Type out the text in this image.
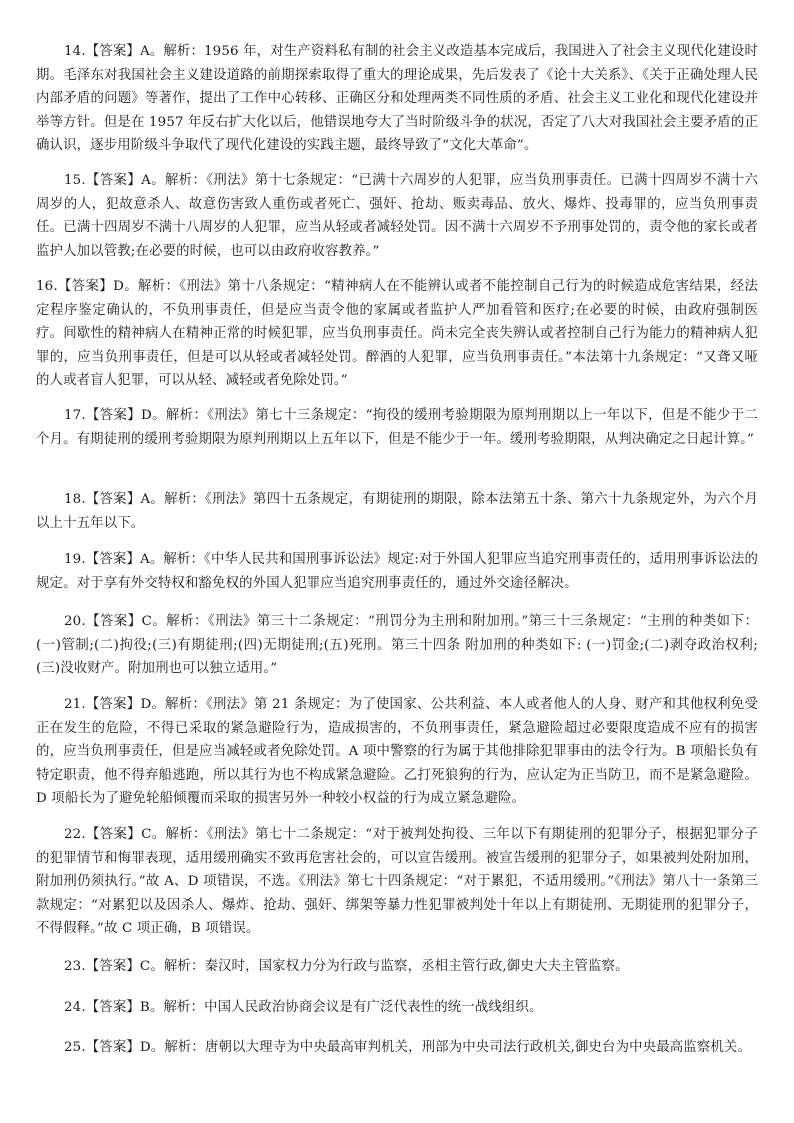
14.【答案】A。解析：1956 年，对生产资料私有制的社会主义改造基本完成后，我国进入了社会主义现代化建设时期。毛泽东对我国社会主义建设道路的前期探索取得了重大的理论成果，先后发表了《论十大关系》、《关于正确处理人民内部矛盾的问题》等著作，提出了工作中心转移、正确区分和处理两类不同性质的矛盾、社会主义工业化和现代化建设并举等方针。但是在 1957 年反右扩大化以后，他错误地夸大了当时阶级斗争的状况，否定了八大对我国社会主要矛盾的正确认识，逐步用阶级斗争取代了现代化建设的实践主题，最终导致了“文化大革命”。

15.【答案】A。解析：《刑法》第十七条规定：“已满十六周岁的人犯罪，应当负刑事责任。已满十四周岁不满十六周岁的人，犯故意杀人、故意伤害致人重伤或者死亡、强奸、抢劫、贩卖毒品、放火、爆炸、投毒罪的，应当负刑事责任。已满十四周岁不满十八周岁的人犯罪，应当从轻或者减轻处罚。因不满十六周岁不予刑事处罚的，责令他的家长或者监护人加以管教;在必要的时候，也可以由政府收容教养。”

16.【答案】D。解析：《刑法》第十八条规定：“精神病人在不能辨认或者不能控制自己行为的时候造成危害结果，经法定程序鉴定确认的，不负刑事责任，但是应当责令他的家属或者监护人严加看管和医疗;在必要的时候，由政府强制医疗。间歇性的精神病人在精神正常的时候犯罪，应当负刑事责任。尚未完全丧失辨认或者控制自己行为能力的精神病人犯罪的，应当负刑事责任，但是可以从轻或者减轻处罚。醉酒的人犯罪，应当负刑事责任。”本法第十九条规定：“又聋又哑的人或者盲人犯罪，可以从轻、减轻或者免除处罚。”

17.【答案】D。解析：《刑法》第七十三条规定：“拘役的缓刑考验期限为原判刑期以上一年以下，但是不能少于二个月。有期徒刑的缓刑考验期限为原判刑期以上五年以下，但是不能少于一年。缓刑考验期限，从判决确定之日起计算。”

18.【答案】A。解析：《刑法》第四十五条规定，有期徒刑的期限，除本法第五十条、第六十九条规定外，为六个月以上十五年以下。

19.【答案】A。解析：《中华人民共和国刑事诉讼法》规定:对于外国人犯罪应当追究刑事责任的，适用刑事诉讼法的规定。对于享有外交特权和豁免权的外国人犯罪应当追究刑事责任的，通过外交途径解决。

20.【答案】C。解析：《刑法》第三十二条规定：“刑罚分为主刑和附加刑。”第三十三条规定：“主刑的种类如下：(一)管制;(二)拘役;(三)有期徒刑;(四)无期徒刑;(五)死刑。第三十四条 附加刑的种类如下: (一)罚金;(二)剥夺政治权利;(三)没收财产。附加刑也可以独立适用。”

21.【答案】D。解析：《刑法》第 21 条规定：为了使国家、公共利益、本人或者他人的人身、财产和其他权利免受正在发生的危险，不得已采取的紧急避险行为，造成损害的，不负刑事责任，紧急避险超过必要限度造成不应有的损害的，应当负刑事责任，但是应当减轻或者免除处罚。A 项中警察的行为属于其他排除犯罪事由的法令行为。B 项船长负有特定职责，他不得弃船逃跑，所以其行为也不构成紧急避险。乙打死狼狗的行为，应认定为正当防卫，而不是紧急避险。D 项船长为了避免轮船倾覆而采取的损害另外一种较小权益的行为成立紧急避险。

22.【答案】C。解析：《刑法》第七十二条规定：“对于被判处拘役、三年以下有期徒刑的犯罪分子，根据犯罪分子的犯罪情节和悔罪表现，适用缓刑确实不致再危害社会的，可以宣告缓刑。被宣告缓刑的犯罪分子，如果被判处附加刑，附加刑仍须执行。”故 A、D 项错误，不选。《刑法》第七十四条规定：“对于累犯，不适用缓刑。”《刑法》第八十一条第三款规定：“对累犯以及因杀人、爆炸、抢劫、强奸、绑架等暴力性犯罪被判处十年以上有期徒刑、无期徒刑的犯罪分子，不得假释。”故 C 项正确，B 项错误。

23.【答案】C。解析：秦汉时，国家权力分为行政与监察，丞相主管行政,御史大夫主管监察。

24.【答案】B。解析：中国人民政治协商会议是有广泛代表性的统一战线组织。

25.【答案】D。解析：唐朝以大理寺为中央最高审判机关，刑部为中央司法行政机关,御史台为中央最高监察机关。
